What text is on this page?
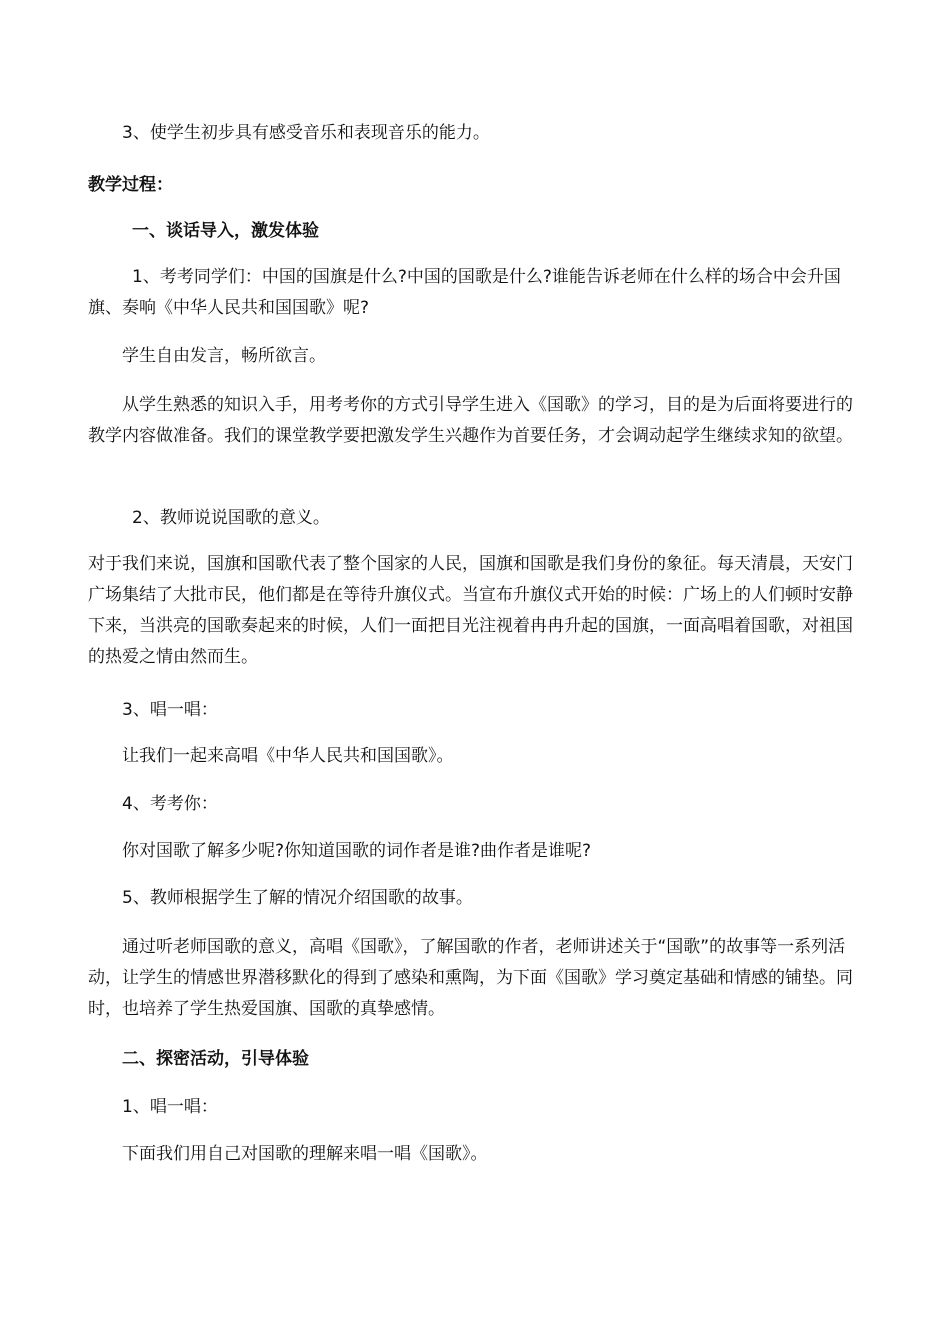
3、使学生初步具有感受音乐和表现音乐的能力。

教学过程：

一、谈话导入，激发体验

1、考考同学们：中国的国旗是什么?中国的国歌是什么?谁能告诉老师在什么样的场合中会升国旗、奏响《中华人民共和国国歌》呢?

学生自由发言，畅所欲言。

从学生熟悉的知识入手，用考考你的方式引导学生进入《国歌》的学习，目的是为后面将要进行的教学内容做准备。我们的课堂教学要把激发学生兴趣作为首要任务，才会调动起学生继续求知的欲望。

2、教师说说国歌的意义。

对于我们来说，国旗和国歌代表了整个国家的人民，国旗和国歌是我们身份的象征。每天清晨，天安门广场集结了大批市民，他们都是在等待升旗仪式。当宣布升旗仪式开始的时候：广场上的人们顿时安静下来，当洪亮的国歌奏起来的时候，人们一面把目光注视着冉冉升起的国旗，一面高唱着国歌，对祖国的热爱之情由然而生。

3、唱一唱：

让我们一起来高唱《中华人民共和国国歌》。

4、考考你：

你对国歌了解多少呢?你知道国歌的词作者是谁?曲作者是谁呢?

5、教师根据学生了解的情况介绍国歌的故事。

通过听老师国歌的意义，高唱《国歌》，了解国歌的作者，老师讲述关于“国歌”的故事等一系列活动，让学生的情感世界潜移默化的得到了感染和熏陶，为下面《国歌》学习奠定基础和情感的铺垫。同时，也培养了学生热爱国旗、国歌的真挚感情。

二、探密活动，引导体验

1、唱一唱：

下面我们用自己对国歌的理解来唱一唱《国歌》。
